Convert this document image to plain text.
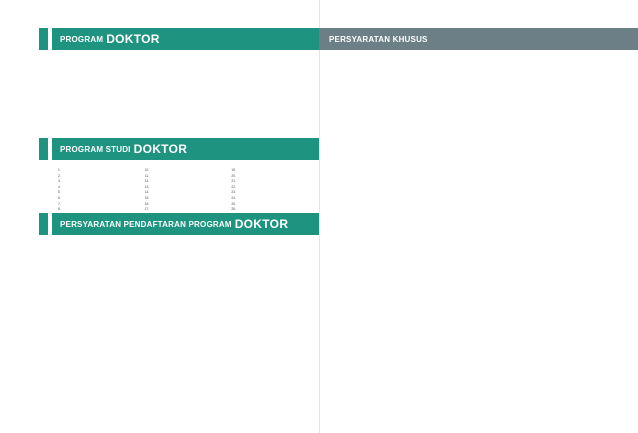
PROGRAM DOKTOR

PROGRAM STUDI DOKTOR
1.
2.
3.
4.
5.
6.
7.
8.
10.
11.
12.
13.
14.
15.
16.
17.
19.
20.
21.
22.
23.
24.
25.
26.
PERSYARATAN PENDAFTARAN PROGRAM DOKTOR

PERSYARATAN KHUSUS
